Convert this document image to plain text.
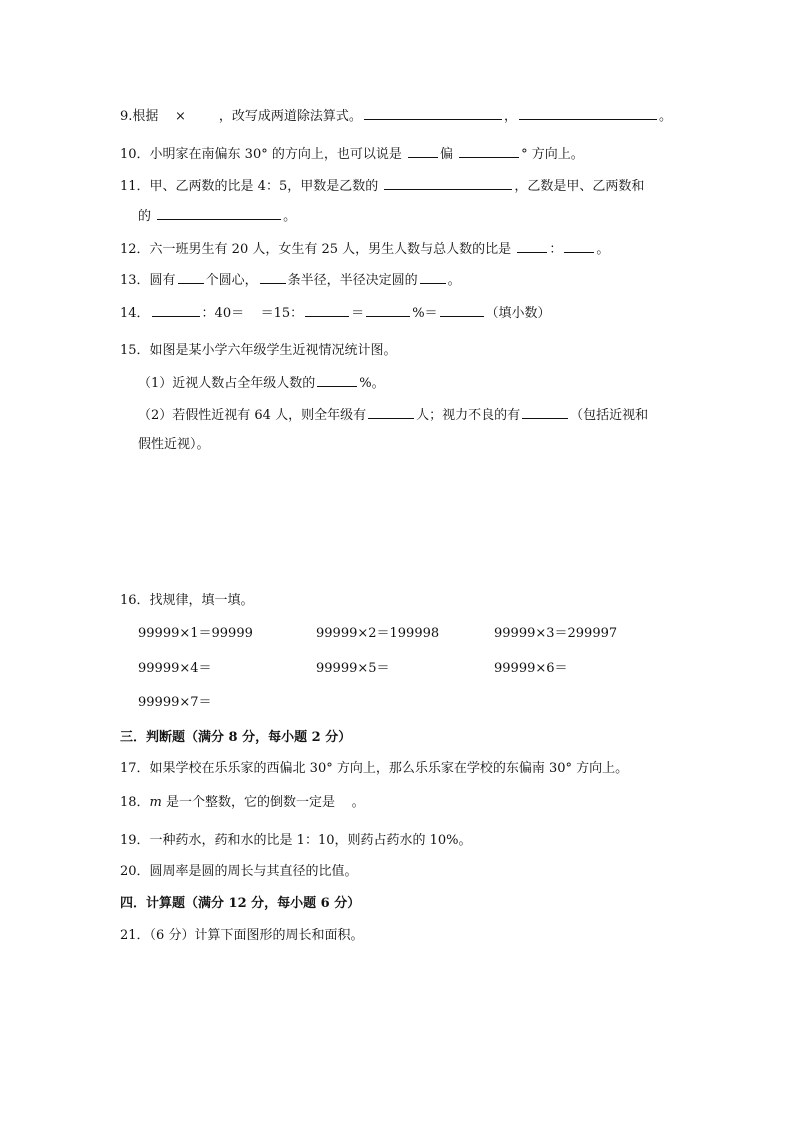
9.根据 ×	，改写成两道除法算式。	，	。
10．小明家在南偏东 30° 的方向上，也可以说是	偏	° 方向上。
11．甲、乙两数的比是 4：5，甲数是乙数的	，乙数是甲、乙两数和
的	。
12．六一班男生有 20 人，女生有 25 人，男生人数与总人数的比是	：	。
13．圆有 个圆心， 条半径，半径决定圆的 。
14．	：40＝ ＝15：	＝	%＝	（填小数）
15．如图是某小学六年级学生近视情况统计图。
（1）近视人数占全年级人数的	%。
（2）若假性近视有 64 人，则全年级有	人；视力不良的有	（包括近视和
假性近视）。
16．找规律，填一填。
99999×1＝99999	99999×2＝199998	99999×3＝299997
99999×4＝	99999×5＝	99999×6＝
99999×7＝
三．判断题（满分 8 分，每小题 2 分）
17．如果学校在乐乐家的西偏北 30° 方向上，那么乐乐家在学校的东偏南 30° 方向上。
18．m 是一个整数，它的倒数一定是 。
19．一种药水，药和水的比是 1：10，则药占药水的 10%。
20．圆周率是圆的周长与其直径的比值。
四．计算题（满分 12 分，每小题 6 分）
21．（6 分）计算下面图形的周长和面积。
